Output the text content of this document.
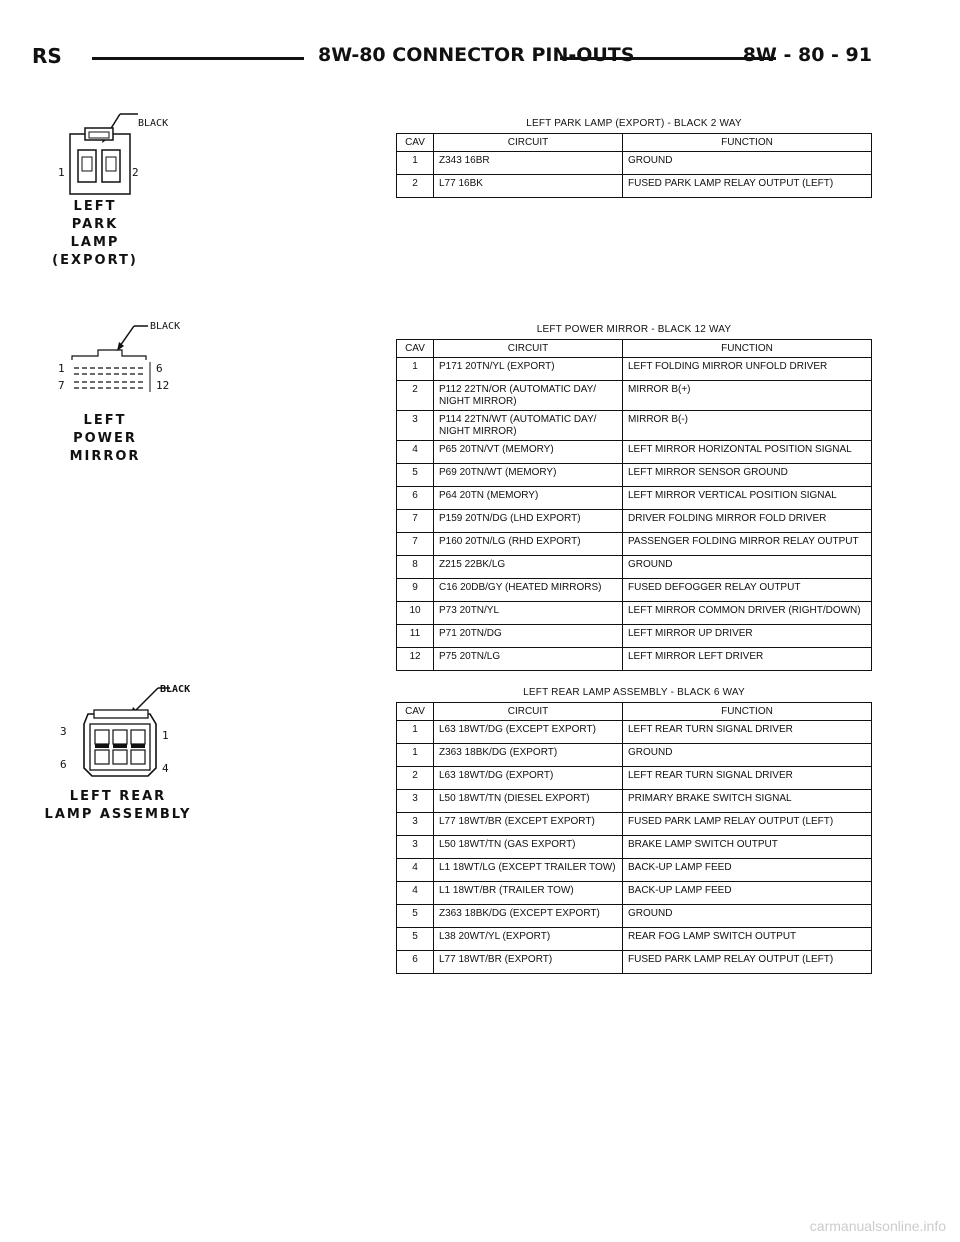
RS	8W-80 CONNECTOR PIN-OUTS	8W - 80 - 91
BLACK
1	2
LEFT
PARK
LAMP
(EXPORT)
LEFT PARK LAMP (EXPORT) - BLACK 2 WAY
CAV	CIRCUIT	FUNCTION
1	Z343 16BR	GROUND
2	L77 16BK	FUSED PARK LAMP RELAY OUTPUT (LEFT)
BLACK
1	6
7	12
LEFT
POWER
MIRROR
LEFT POWER MIRROR - BLACK 12 WAY
CAV	CIRCUIT	FUNCTION
1	P171 20TN/YL (EXPORT)	LEFT FOLDING MIRROR UNFOLD DRIVER
2	P112 22TN/OR (AUTOMATIC DAY/
NIGHT MIRROR)	MIRROR B(+)
3	P114 22TN/WT (AUTOMATIC DAY/
NIGHT MIRROR)	MIRROR B(-)
4	P65 20TN/VT (MEMORY)	LEFT MIRROR HORIZONTAL POSITION SIGNAL
5	P69 20TN/WT (MEMORY)	LEFT MIRROR SENSOR GROUND
6	P64 20TN (MEMORY)	LEFT MIRROR VERTICAL POSITION SIGNAL
7	P159 20TN/DG (LHD EXPORT)	DRIVER FOLDING MIRROR FOLD DRIVER
7	P160 20TN/LG (RHD EXPORT)	PASSENGER FOLDING MIRROR RELAY OUTPUT
8	Z215 22BK/LG	GROUND
9	C16 20DB/GY (HEATED MIRRORS)	FUSED DEFOGGER RELAY OUTPUT
10	P73 20TN/YL	LEFT MIRROR COMMON DRIVER (RIGHT/DOWN)
11	P71 20TN/DG	LEFT MIRROR UP DRIVER
12	P75 20TN/LG	LEFT MIRROR LEFT DRIVER
BLACK
3	1
6	4
LEFT REAR
LAMP ASSEMBLY
LEFT REAR LAMP ASSEMBLY - BLACK 6 WAY
CAV	CIRCUIT	FUNCTION
1	L63 18WT/DG (EXCEPT EXPORT)	LEFT REAR TURN SIGNAL DRIVER
1	Z363 18BK/DG (EXPORT)	GROUND
2	L63 18WT/DG (EXPORT)	LEFT REAR TURN SIGNAL DRIVER
3	L50 18WT/TN (DIESEL EXPORT)	PRIMARY BRAKE SWITCH SIGNAL
3	L77 18WT/BR (EXCEPT EXPORT)	FUSED PARK LAMP RELAY OUTPUT (LEFT)
3	L50 18WT/TN (GAS EXPORT)	BRAKE LAMP SWITCH OUTPUT
4	L1 18WT/LG (EXCEPT TRAILER TOW)	BACK-UP LAMP FEED
4	L1 18WT/BR (TRAILER TOW)	BACK-UP LAMP FEED
5	Z363 18BK/DG (EXCEPT EXPORT)	GROUND
5	L38 20WT/YL (EXPORT)	REAR FOG LAMP SWITCH OUTPUT
6	L77 18WT/BR (EXPORT)	FUSED PARK LAMP RELAY OUTPUT (LEFT)
carmanualsonline.info
